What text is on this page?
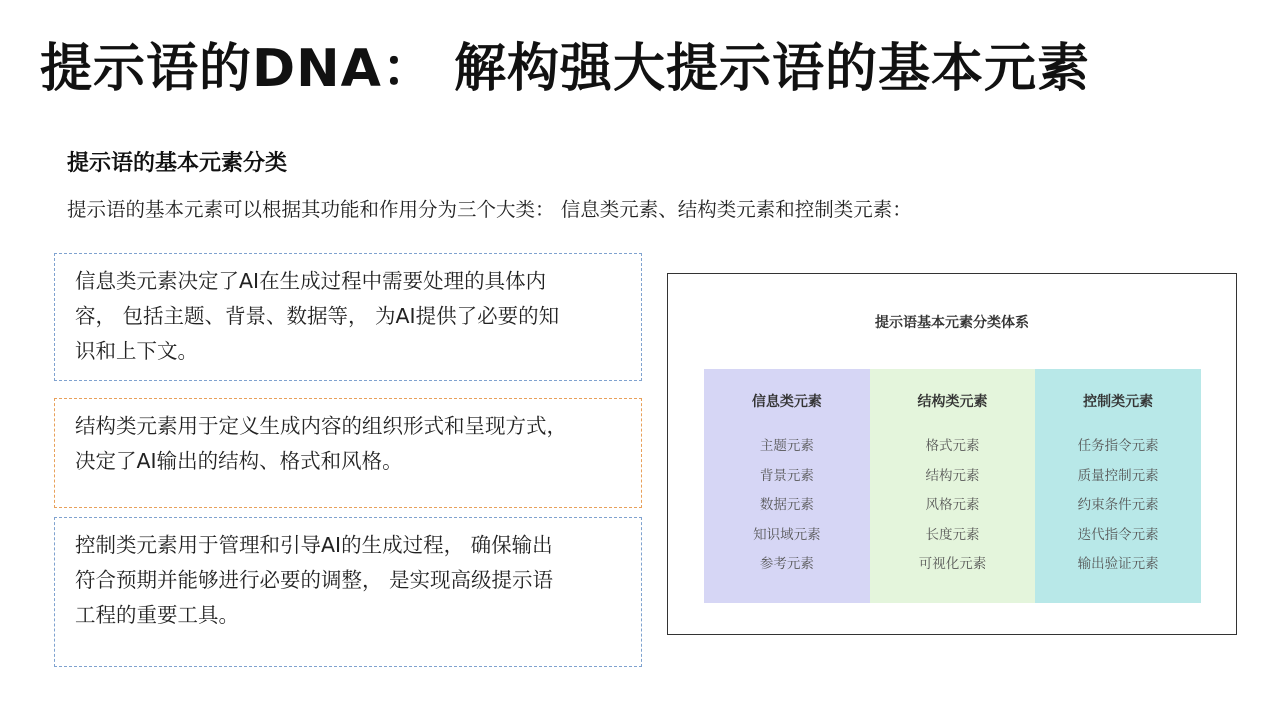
提示语的DNA： 解构强大提示语的基本元素
提示语的基本元素分类
提示语的基本元素可以根据其功能和作用分为三个大类： 信息类元素、结构类元素和控制类元素：
信息类元素决定了AI在生成过程中需要处理的具体内
容， 包括主题、背景、数据等， 为AI提供了必要的知
识和上下文。
结构类元素用于定义生成内容的组织形式和呈现方式，
决定了AI输出的结构、格式和风格。
控制类元素用于管理和引导AI的生成过程， 确保输出
符合预期并能够进行必要的调整， 是实现高级提示语
工程的重要工具。
提示语基本元素分类体系
信息类元素
主题元素
背景元素
数据元素
知识域元素
参考元素
结构类元素
格式元素
结构元素
风格元素
长度元素
可视化元素
控制类元素
任务指令元素
质量控制元素
约束条件元素
迭代指令元素
输出验证元素
